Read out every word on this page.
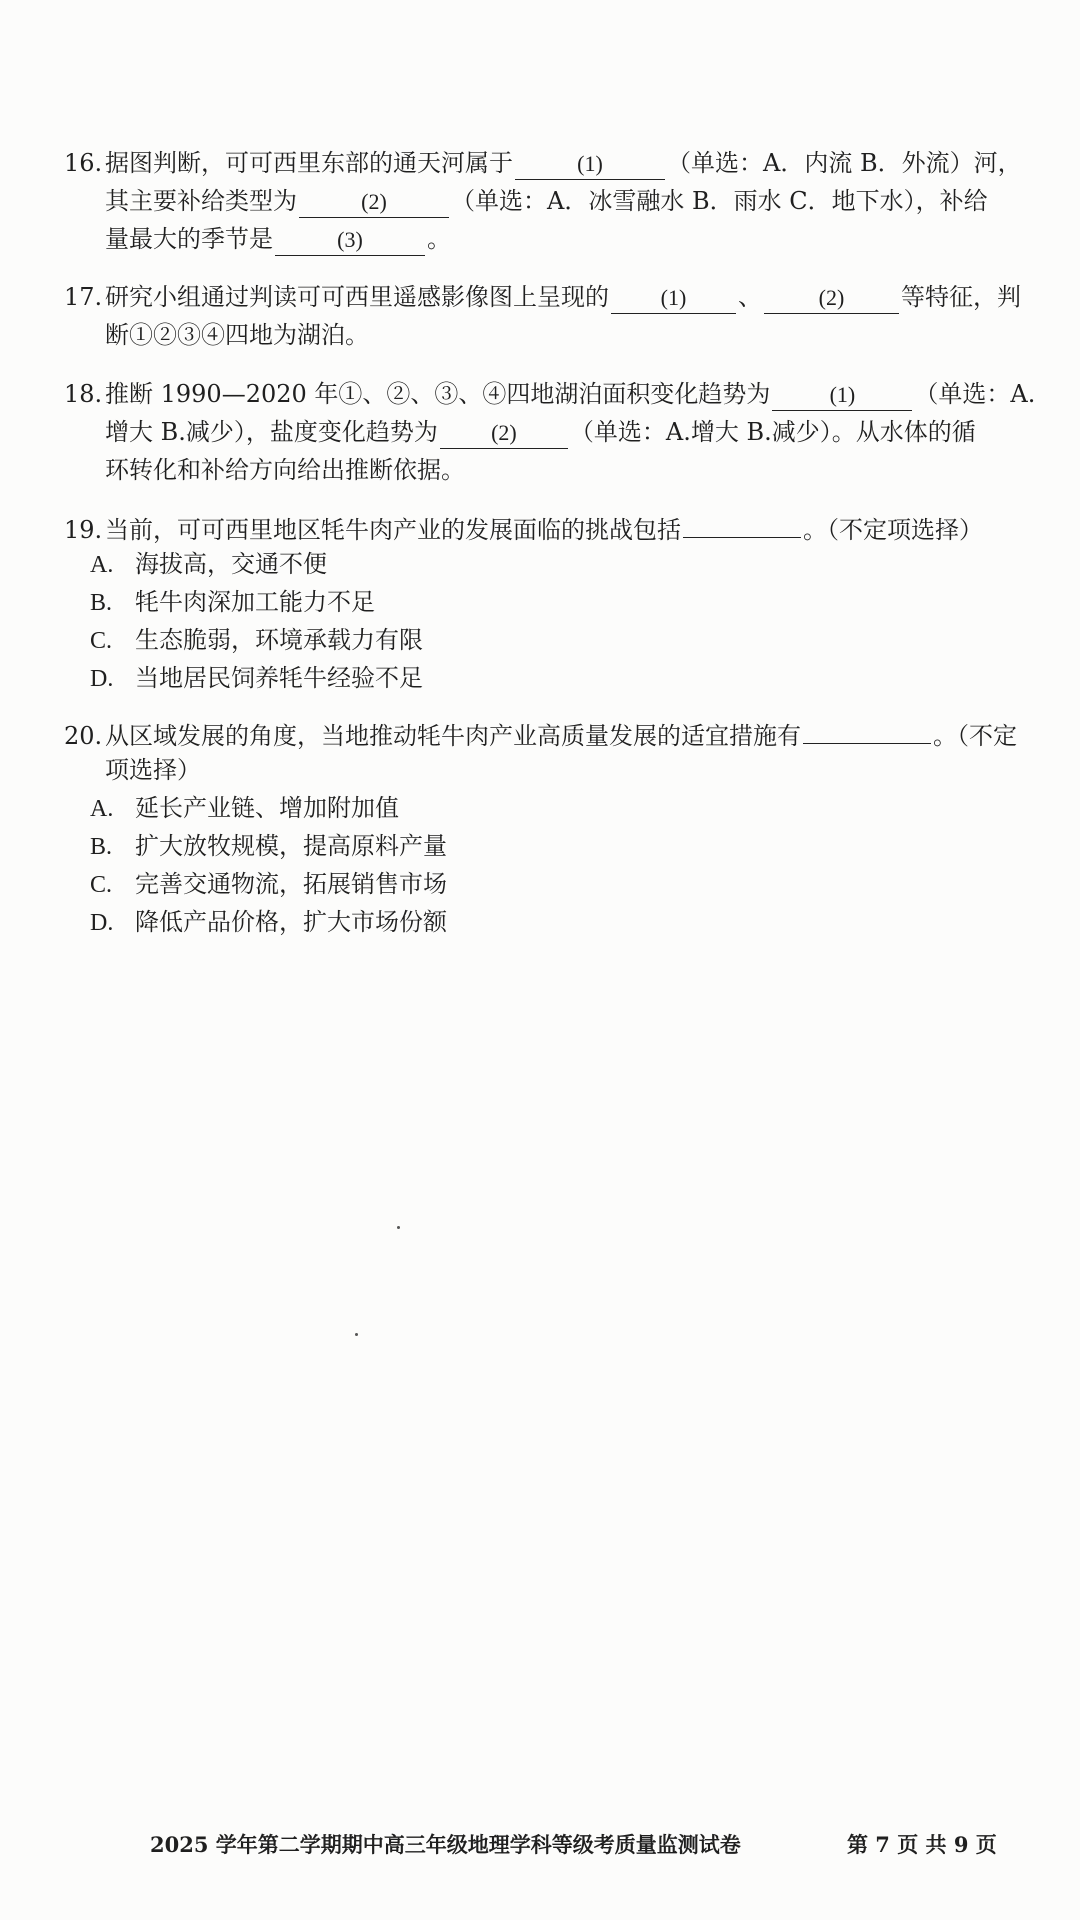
16. 据图判断，可可西里东部的通天河属于	(1)	（单选：A．内流 B．外流）河，
其主要补给类型为	(2)	（单选：A．冰雪融水 B．雨水 C．地下水），补给
量最大的季节是	(3)	。
17. 研究小组通过判读可可西里遥感影像图上呈现的 (1) 、	(2) 等特征，判
断①②③④四地为湖泊。
18. 推断 1990—2020 年①、②、③、④四地湖泊面积变化趋势为	(1) （单选：A.
增大 B.减少），盐度变化趋势为 (2) （单选：A.增大 B.减少）。从水体的循
环转化和补给方向给出推断依据。
19. 当前，可可西里地区牦牛肉产业的发展面临的挑战包括	。（不定项选择）
A. 海拔高，交通不便
B. 牦牛肉深加工能力不足
C. 生态脆弱，环境承载力有限
D. 当地居民饲养牦牛经验不足
20. 从区域发展的角度，当地推动牦牛肉产业高质量发展的适宜措施有	。（不定
项选择）
A. 延长产业链、增加附加值
B. 扩大放牧规模，提高原料产量
C. 完善交通物流，拓展销售市场
D. 降低产品价格，扩大市场份额
2025 学年第二学期期中高三年级地理学科等级考质量监测试卷	第 7 页 共 9 页
